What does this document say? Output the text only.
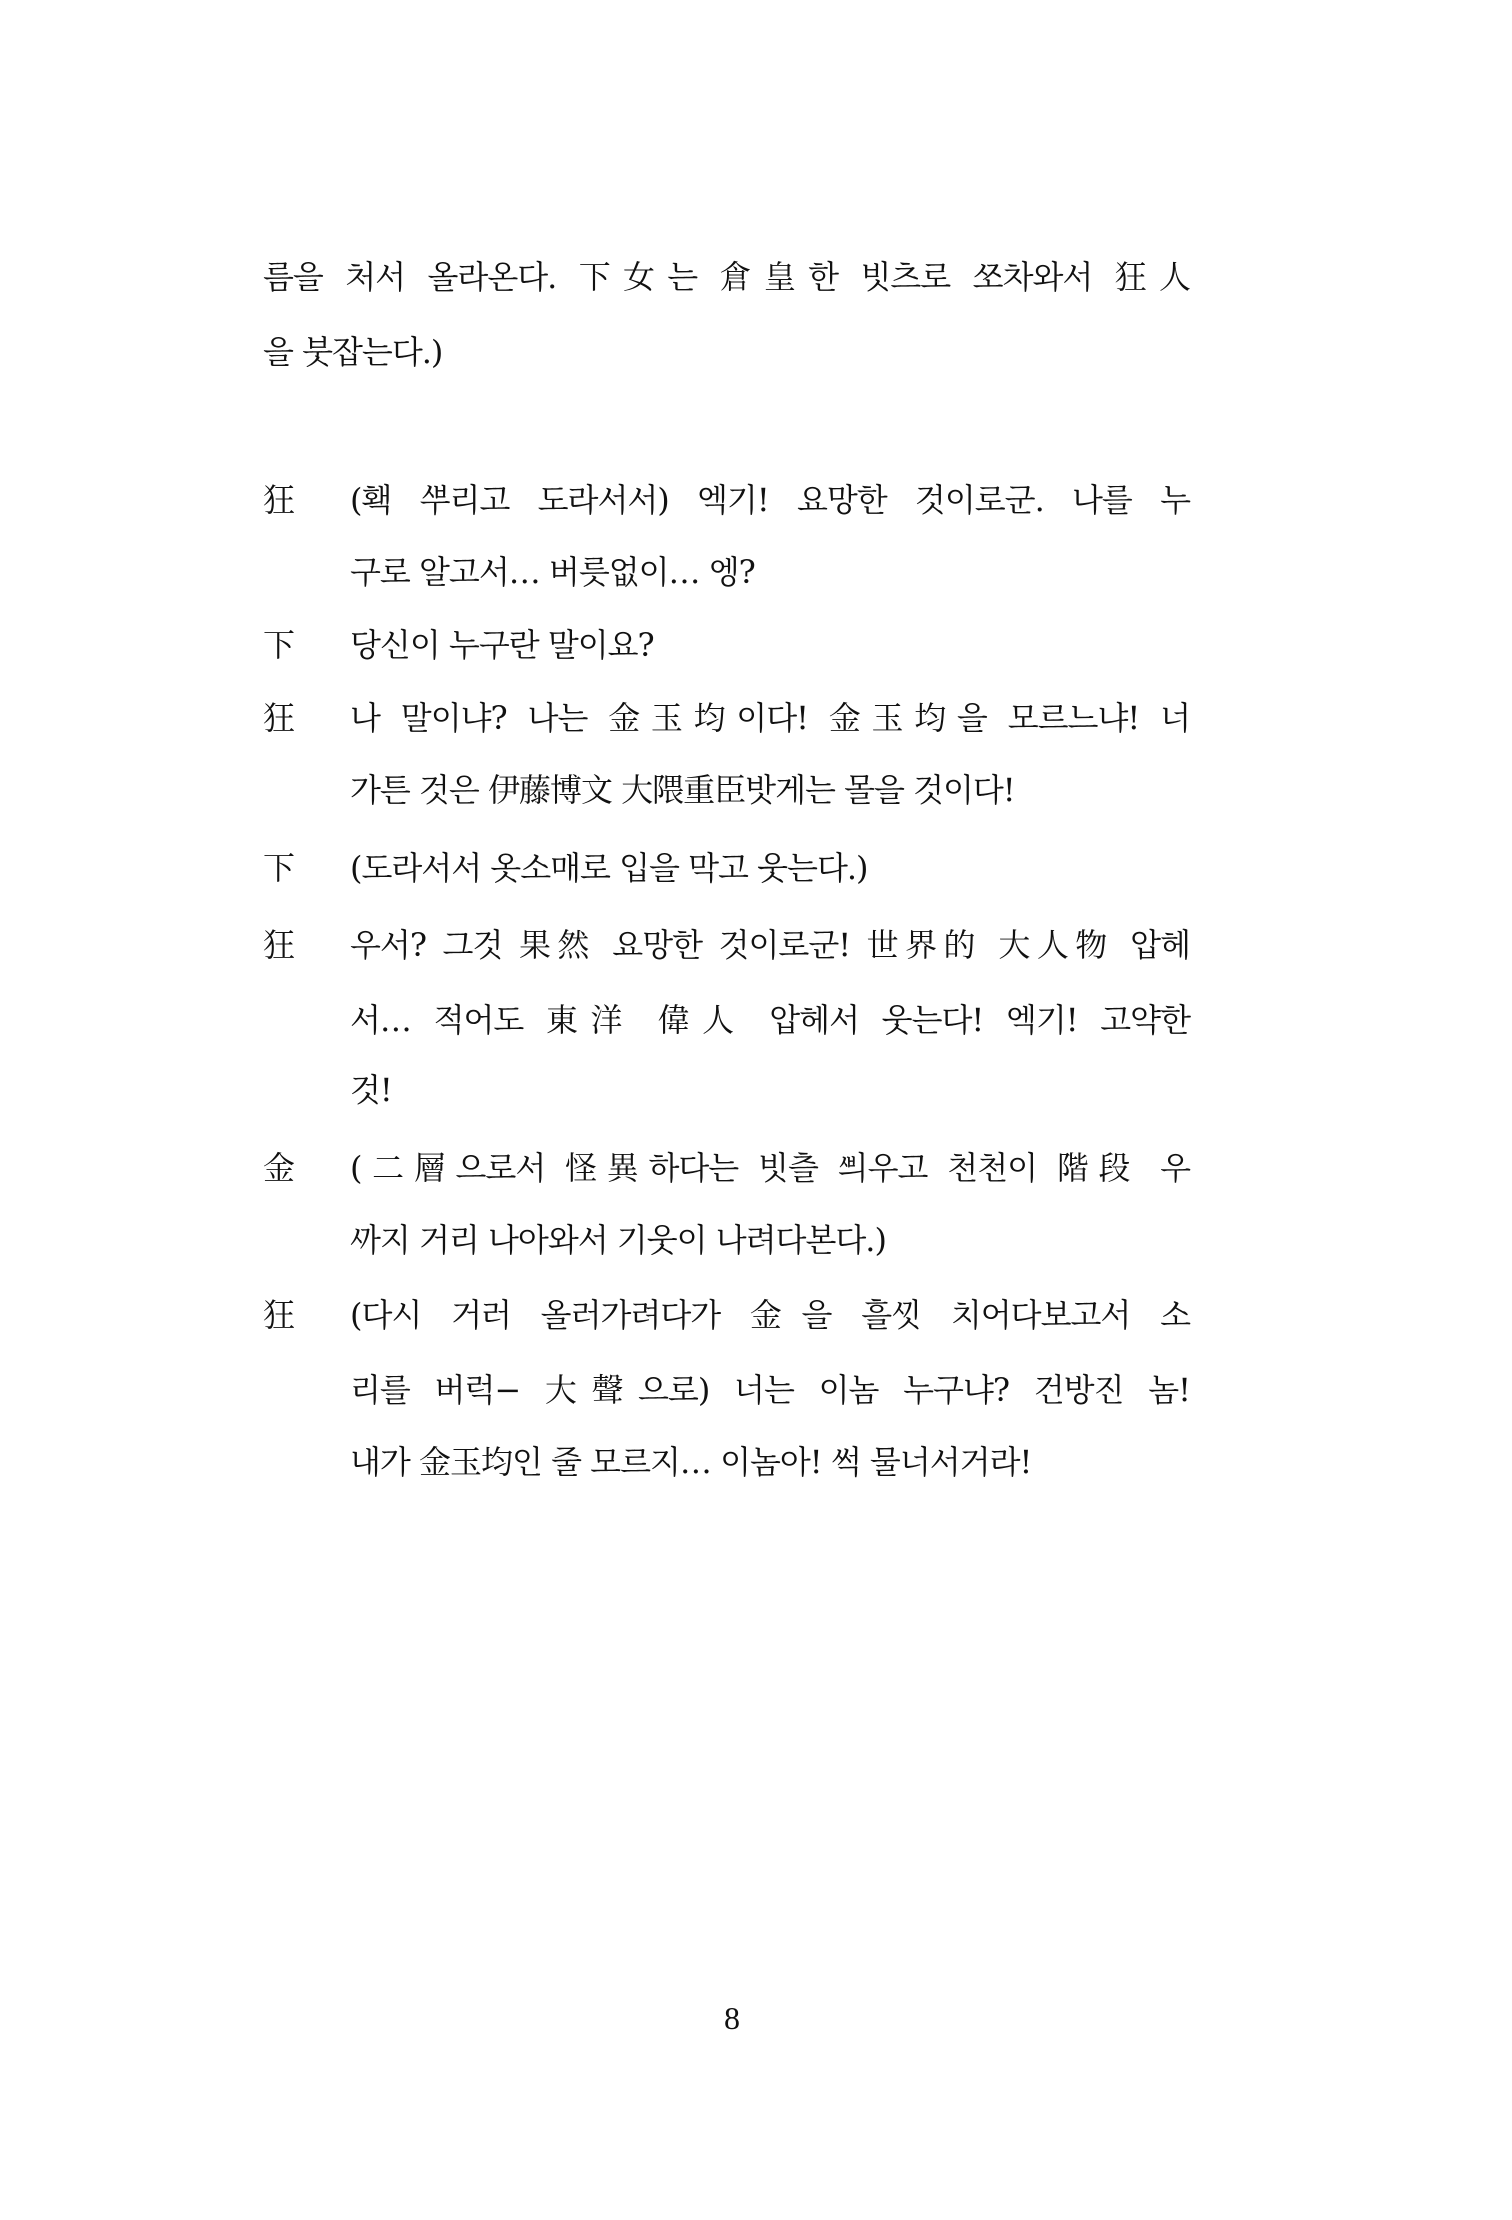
름을 처서 올라온다. 下女는 倉皇한 빗츠로 ᄶᅩ차와서 狂人
을 붓잡는다.)
狂 (홱 ᄲᅮ리고 도라서서) 엑기! 요망한 것이로군. 나를 누
구로 알고서… 버릇없이… 엥?
下 당신이 누구란 말이요?
狂 나 말이냐? 나는 金玉均이다! 金玉均을 모르느냐! 너
가튼 것은 伊藤博文 大隈重臣밧게는 몰을 것이다!
下 (도라서서 옷소매로 입을 막고 웃는다.)
狂 우서? 그것 果然 요망한 것이로군! 世界的 大人物 압헤
서… 적어도 東洋 偉人 압헤서 웃는다! 엑기! 고약한
것!
金 (二層으로서 怪異하다는 빗츨 ᄲᅴ우고 천천이 階段 우
ᄭᅡ지 거리 나아와서 기웃이 나려다본다.)
狂 (다시 거러 올러가려다가 金을 흘ᄭᅵᆺ 치어다보고서 소
리를 버럭− 大聲으로) 너는 이놈 누구냐? 건방진 놈!
내가 金玉均인 줄 모르지… 이놈아! 썩 물너서거라!
8
